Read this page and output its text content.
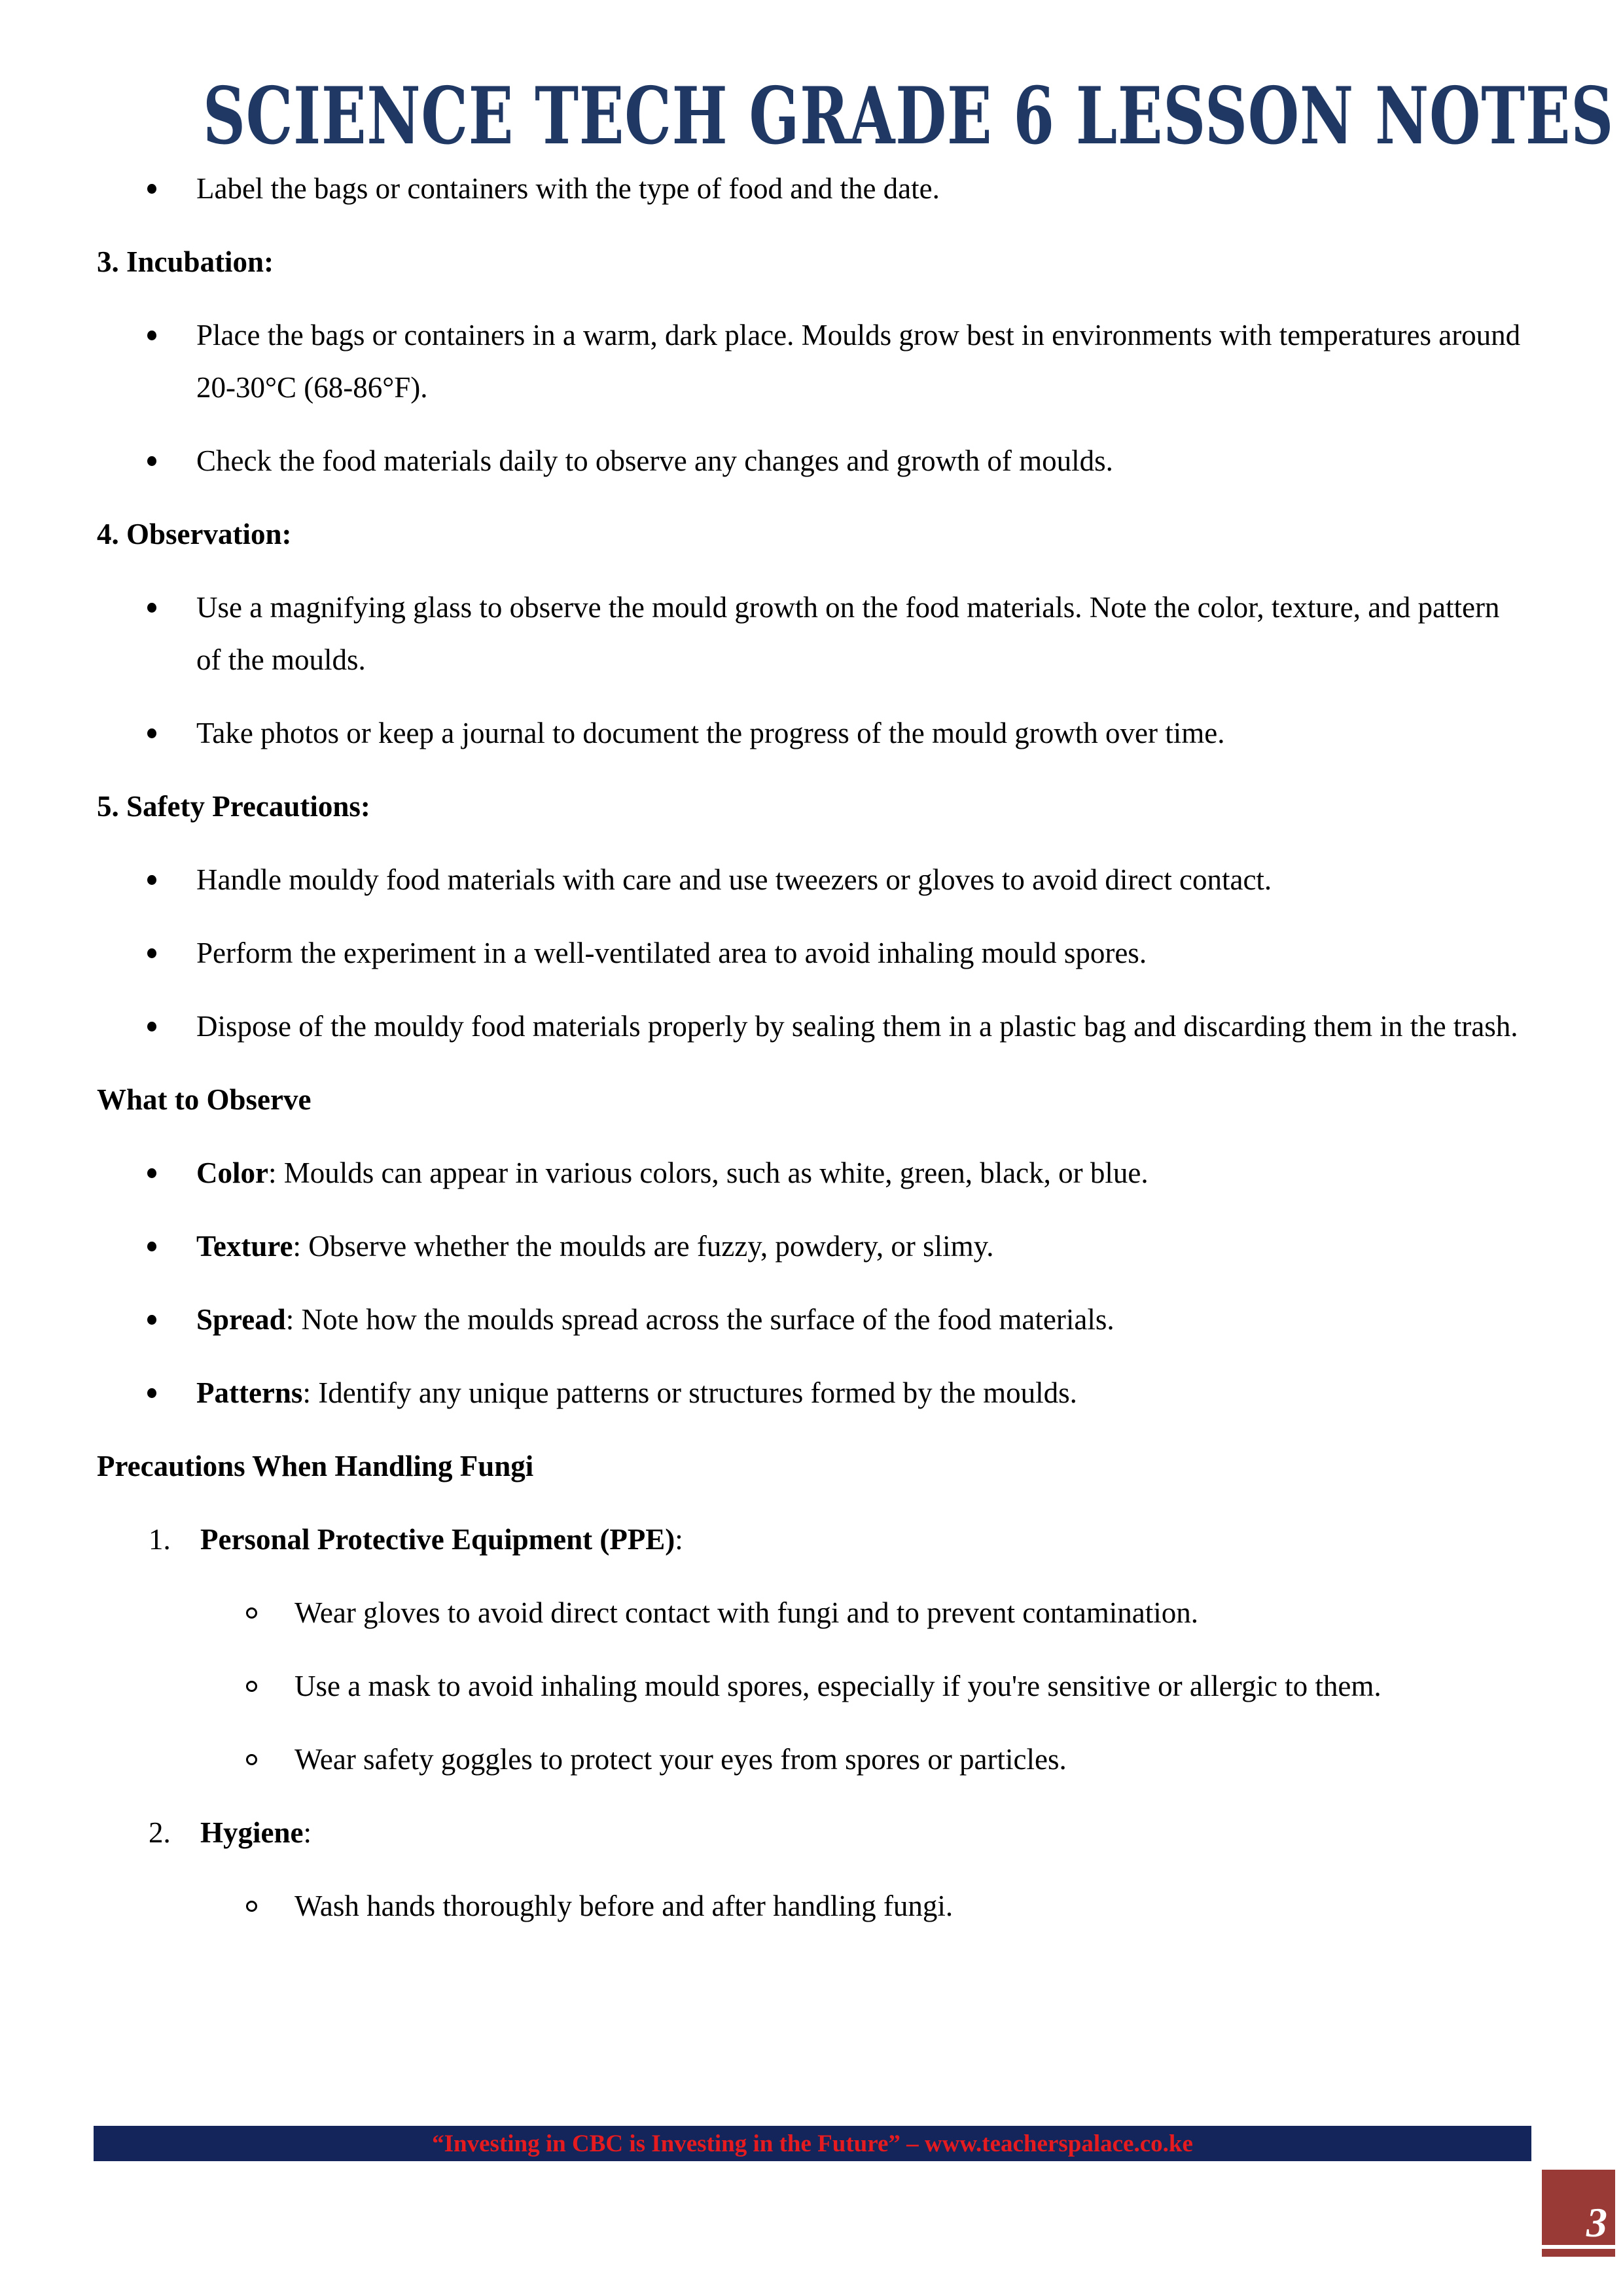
SCIENCE TECH GRADE 6 LESSON NOTES

Label the bags or containers with the type of food and the date.

3. Incubation:

Place the bags or containers in a warm, dark place. Moulds grow best in environments with temperatures around 20-30°C (68-86°F).

Check the food materials daily to observe any changes and growth of moulds.

4. Observation:

Use a magnifying glass to observe the mould growth on the food materials. Note the color, texture, and pattern of the moulds.

Take photos or keep a journal to document the progress of the mould growth over time.

5. Safety Precautions:

Handle mouldy food materials with care and use tweezers or gloves to avoid direct contact.

Perform the experiment in a well-ventilated area to avoid inhaling mould spores.

Dispose of the mouldy food materials properly by sealing them in a plastic bag and discarding them in the trash.

What to Observe

Color: Moulds can appear in various colors, such as white, green, black, or blue.

Texture: Observe whether the moulds are fuzzy, powdery, or slimy.

Spread: Note how the moulds spread across the surface of the food materials.

Patterns: Identify any unique patterns or structures formed by the moulds.

Precautions When Handling Fungi

1. Personal Protective Equipment (PPE):

Wear gloves to avoid direct contact with fungi and to prevent contamination.

Use a mask to avoid inhaling mould spores, especially if you're sensitive or allergic to them.

Wear safety goggles to protect your eyes from spores or particles.

2. Hygiene:

Wash hands thoroughly before and after handling fungi.

“Investing in CBC is Investing in the Future” – www.teacherspalace.co.ke
3
